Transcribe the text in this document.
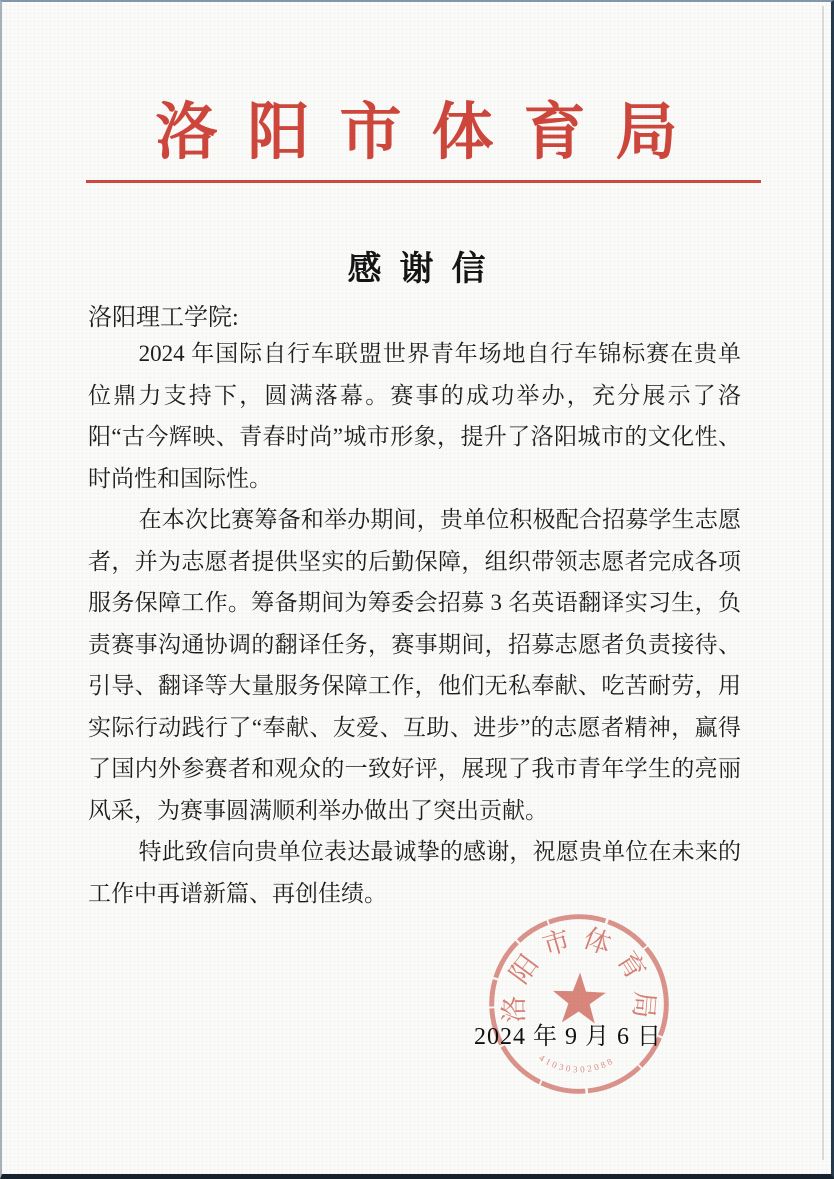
洛阳市体育局
感谢信

洛阳理工学院:

2024 年国际自行车联盟世界青年场地自行车锦标赛在贵单位鼎力支持下，圆满落幕。赛事的成功举办，充分展示了洛阳“古今辉映、青春时尚”城市形象，提升了洛阳城市的文化性、时尚性和国际性。

在本次比赛筹备和举办期间，贵单位积极配合招募学生志愿者，并为志愿者提供坚实的后勤保障，组织带领志愿者完成各项服务保障工作。筹备期间为筹委会招募 3 名英语翻译实习生，负责赛事沟通协调的翻译任务，赛事期间，招募志愿者负责接待、引导、翻译等大量服务保障工作，他们无私奉献、吃苦耐劳，用实际行动践行了“奉献、友爱、互助、进步”的志愿者精神，赢得了国内外参赛者和观众的一致好评，展现了我市青年学生的亮丽风采，为赛事圆满顺利举办做出了突出贡献。

特此致信向贵单位表达最诚挚的感谢，祝愿贵单位在未来的工作中再谱新篇、再创佳绩。

2024 年 9 月 6 日
洛阳市体育局
41030302088
